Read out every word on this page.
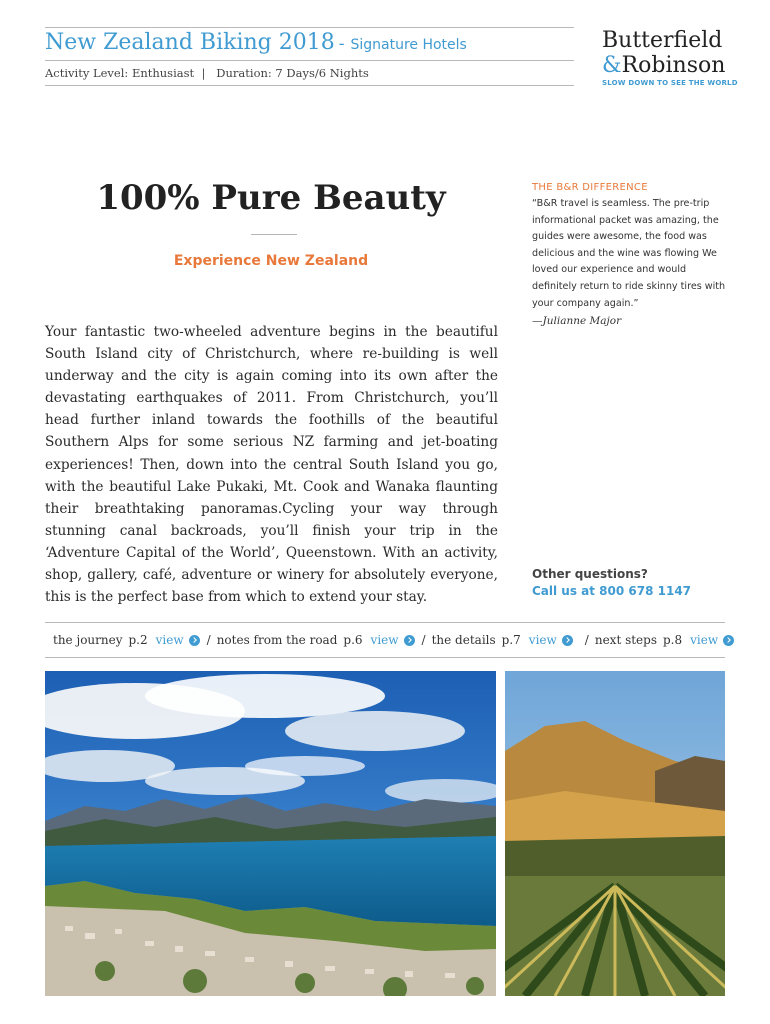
New Zealand Biking 2018 - Signature Hotels
Activity Level: Enthusiast  |   Duration: 7 Days/6 Nights
Butterfield
&Robinson
SLOW DOWN TO SEE THE WORLD
100% Pure Beauty
Experience New Zealand
Your fantastic two-wheeled adventure begins in the beautiful South Island city of Christchurch, where re-building is well underway and the city is again coming into its own after the devastating earthquakes of 2011. From Christchurch, you’ll head further inland towards the foothills of the beautiful Southern Alps for some serious NZ farming and jet-boating experiences! Then, down into the central South Island you go, with the beautiful Lake Pukaki, Mt. Cook and Wanaka flaunting their breathtaking panoramas.Cycling your way through stunning canal backroads, you’ll finish your trip in the ‘Adventure Capital of the World’, Queenstown. With an activity, shop, gallery, café, adventure or winery for absolutely everyone, this is the perfect base from which to extend your stay.
THE B&R DIFFERENCE
“B&R travel is seamless. The pre-trip informational packet was amazing, the guides were awesome, the food was delicious and the wine was flowing We loved our experience and would definitely return to ride skinny tires with your company again.”
—Julianne Major
Other questions?
Call us at 800 678 1147
the journey p.2 view / notes from the road p.6 view / the details p.7 view / next steps p.8 view
